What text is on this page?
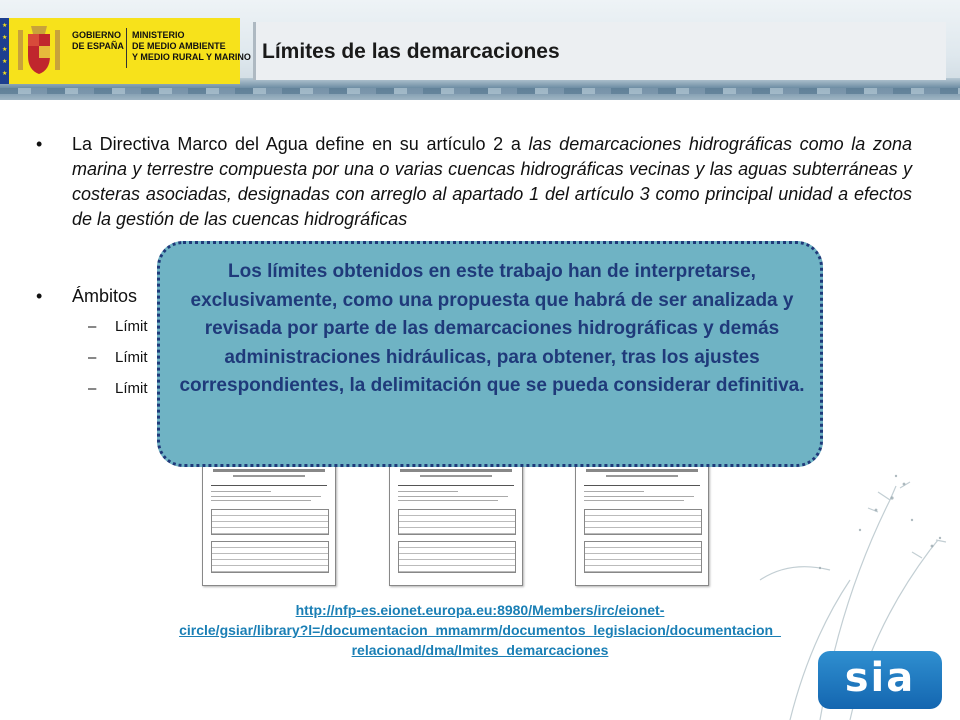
★
★
★
★
★
GOBIERNO
DE ESPAÑA
MINISTERIO
DE MEDIO AMBIENTE
Y MEDIO RURAL Y MARINO Límites de las demarcaciones
• La Directiva Marco del Agua define en su artículo 2 a las demarcaciones hidrográficas como la zona marina y terrestre compuesta por una o varias cuencas hidrográficas vecinas y las aguas subterráneas y costeras asociadas, designadas con arreglo al apartado 1 del artículo 3 como principal unidad a efectos de la gestión de las cuencas hidrográficas
• Ámbitos
– Límit
– Límit
– Límit
Los límites obtenidos en este trabajo han de interpretarse, exclusivamente, como una propuesta que habrá de ser analizada y revisada por parte de las demarcaciones hidrográficas y demás administraciones hidráulicas, para obtener, tras los ajustes correspondientes, la delimitación que se pueda considerar definitiva.
http://nfp-es.eionet.europa.eu:8980/Members/irc/eionet-
circle/gsiar/library?l=/documentacion_mmamrm/documentos_legislacion/documentacion_
relacionad/dma/lmites_demarcaciones
sia
